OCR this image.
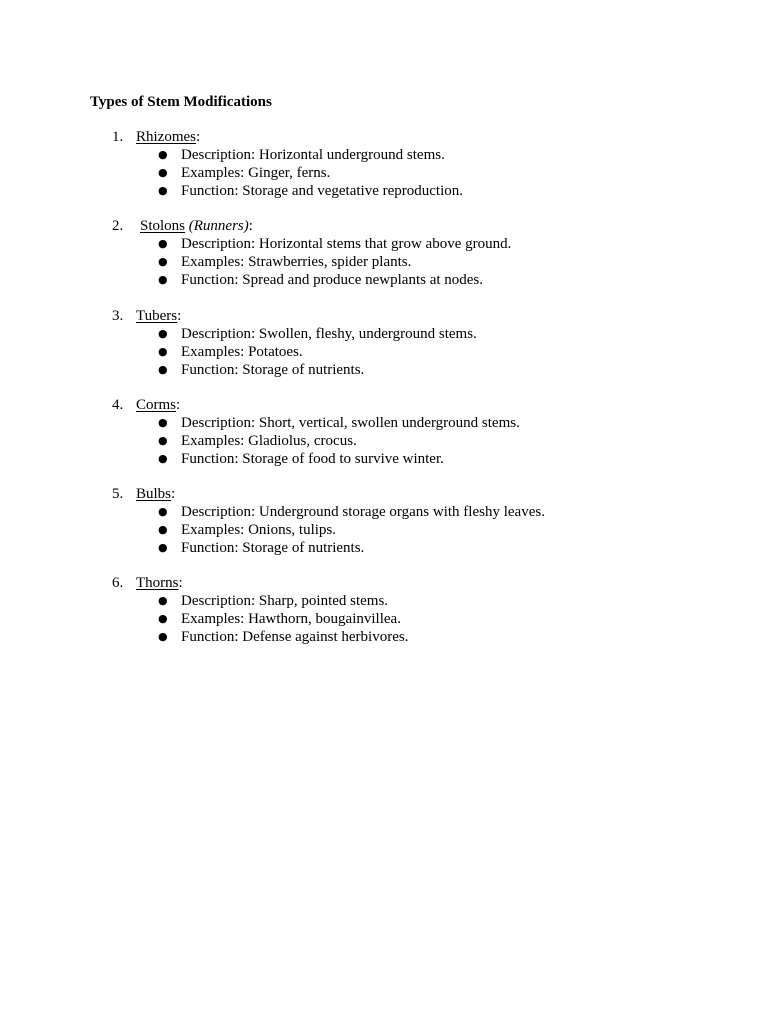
Types of Stem Modifications
1. Rhizomes:
● Description: Horizontal underground stems.
● Examples: Ginger, ferns.
● Function: Storage and vegetative reproduction.
2.	Stolons (Runners):
● Description: Horizontal stems that grow above ground.
● Examples: Strawberries, spider plants.
● Function: Spread and produce newplants at nodes.
3. Tubers:
● Description: Swollen, fleshy, underground stems.
● Examples: Potatoes.
● Function: Storage of nutrients.
4. Corms:
● Description: Short, vertical, swollen underground stems.
● Examples: Gladiolus, crocus.
● Function: Storage of food to survive winter.
5. Bulbs:
● Description: Underground storage organs with fleshy leaves.
● Examples: Onions, tulips.
● Function: Storage of nutrients.
6. Thorns:
● Description: Sharp, pointed stems.
● Examples: Hawthorn, bougainvillea.
● Function: Defense against herbivores.
